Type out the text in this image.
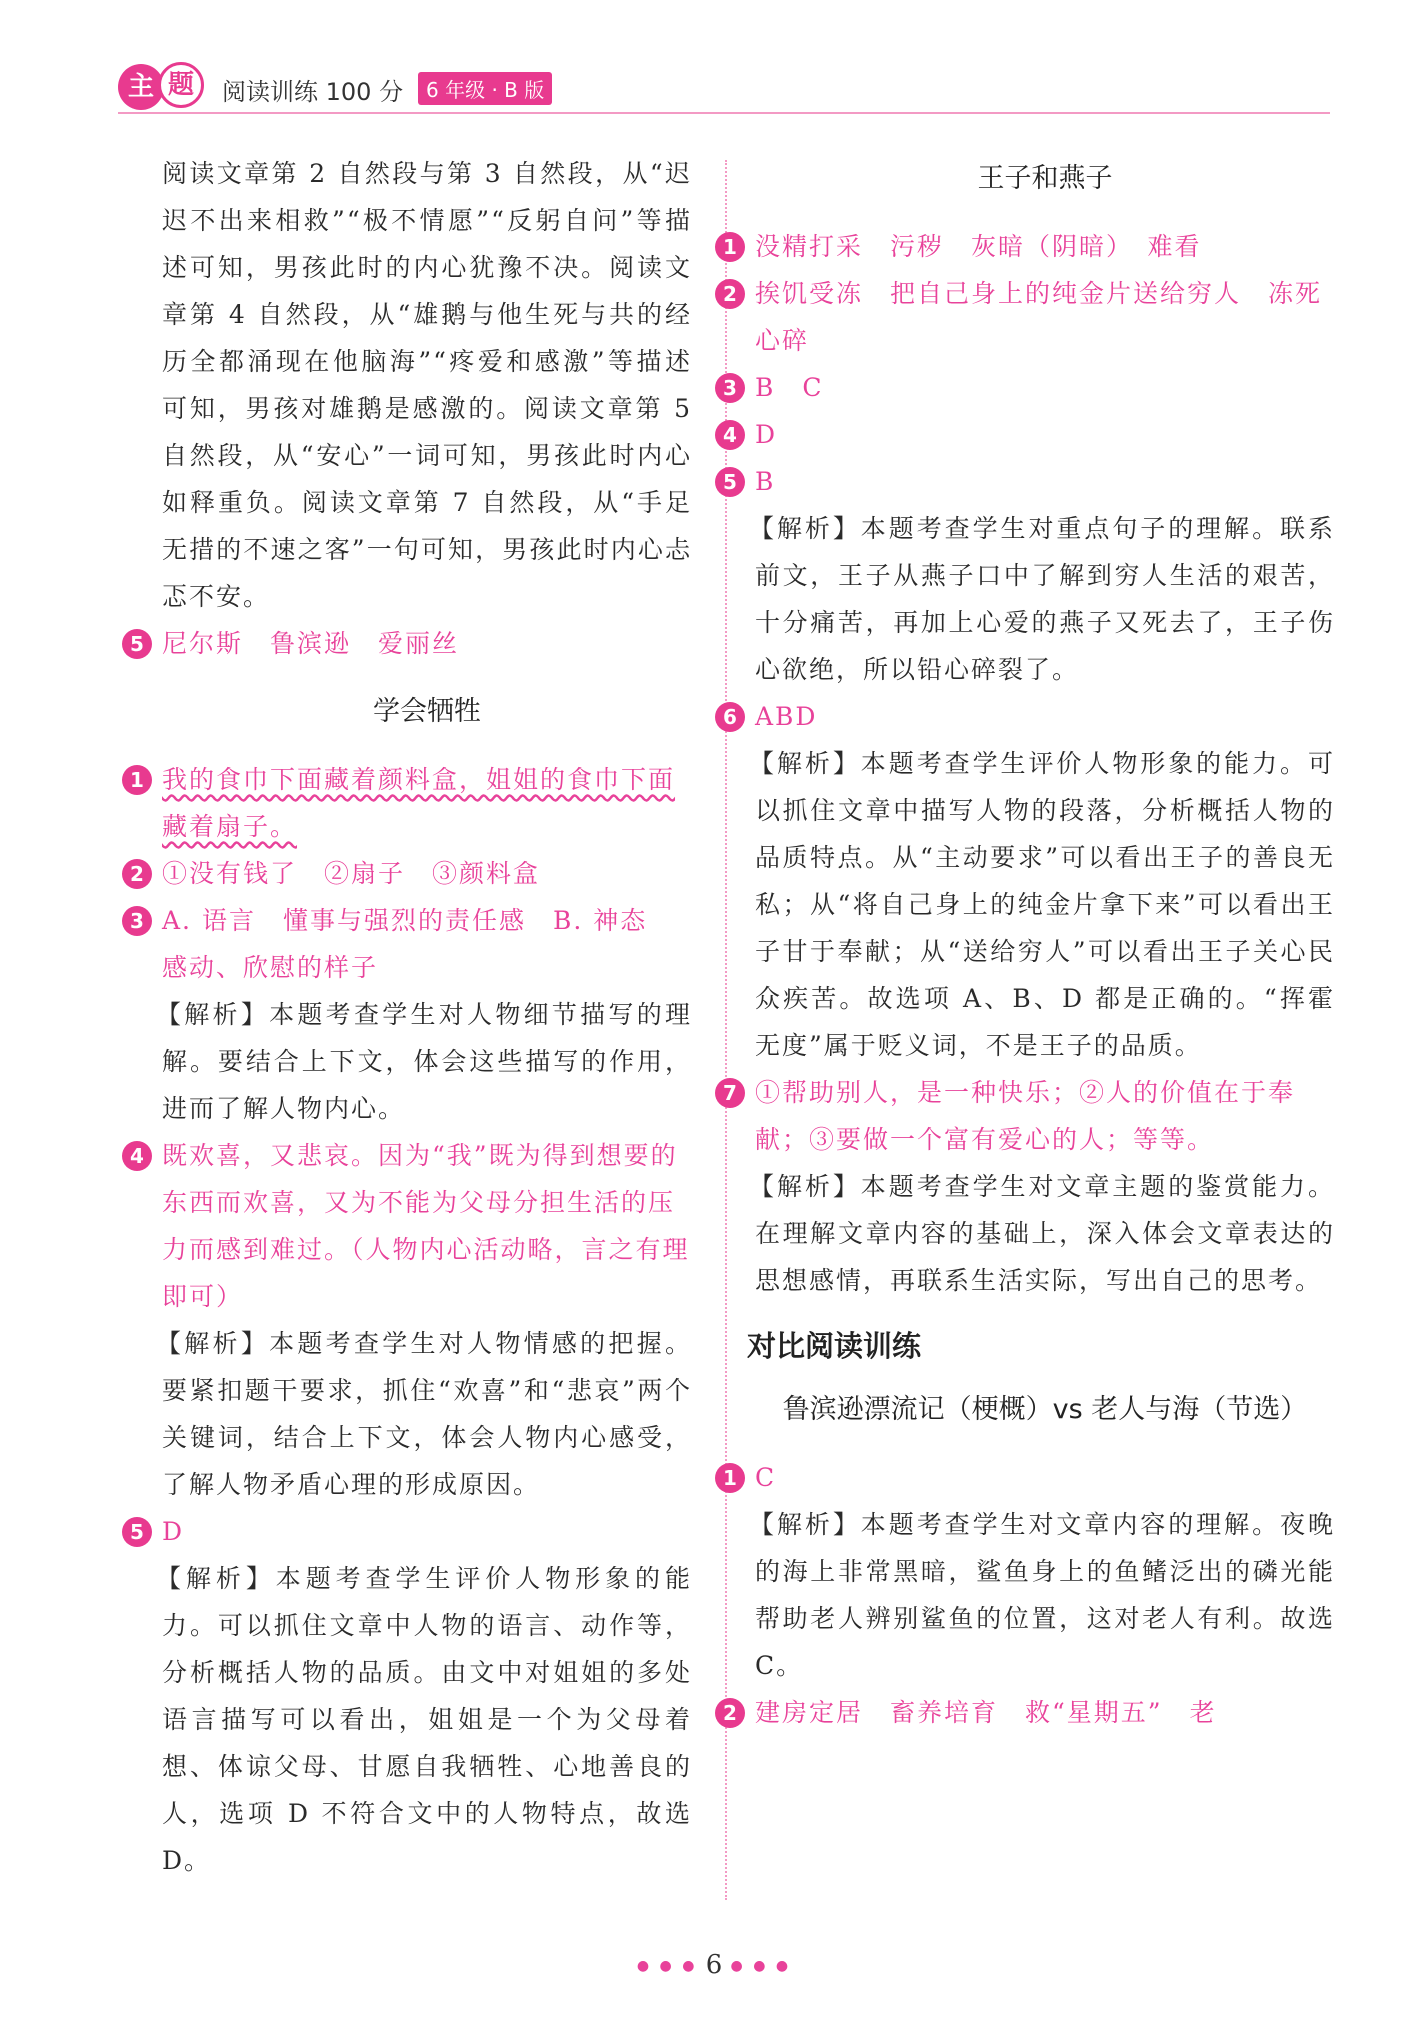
主 题	阅读训练 100 分	6 年级 · B 版

阅读文章第 2 自然段与第 3 自然段，从“迟迟不出来相救”“极不情愿”“反躬自问”等描述可知，男孩此时的内心犹豫不决。阅读文章第 4 自然段，从“雄鹅与他生死与共的经历全都涌现在他脑海”“疼爱和感激”等描述可知，男孩对雄鹅是感激的。阅读文章第 5 自然段，从“安心”一词可知，男孩此时内心如释重负。阅读文章第 7 自然段，从“手足无措的不速之客”一句可知，男孩此时内心忐忑不安。

5 尼尔斯　鲁滨逊　爱丽丝

学会牺牲
1 我的食巾下面藏着颜料盒，姐姐的食巾下面藏着扇子。

2 ①没有钱了　②扇子　③颜料盒

3 A. 语言　懂事与强烈的责任感　B. 神态　感动、欣慰的样子

【解析】本题考查学生对人物细节描写的理解。要结合上下文，体会这些描写的作用，进而了解人物内心。

4 既欢喜，又悲哀。因为“我”既为得到想要的东西而欢喜，又为不能为父母分担生活的压力而感到难过。（人物内心活动略，言之有理即可）

【解析】本题考查学生对人物情感的把握。要紧扣题干要求，抓住“欢喜”和“悲哀”两个关键词，结合上下文，体会人物内心感受，了解人物矛盾心理的形成原因。

5 D

【解析】本题考查学生评价人物形象的能力。可以抓住文章中人物的语言、动作等，分析概括人物的品质。由文中对姐姐的多处语言描写可以看出，姐姐是一个为父母着想、体谅父母、甘愿自我牺牲、心地善良的人，选项 D 不符合文中的人物特点，故选 D。

王子和燕子
1 没精打采　污秽　灰暗（阴暗）　难看

2 挨饥受冻　把自己身上的纯金片送给穷人　冻死　心碎

3 B　C

4 D

5 B

【解析】本题考查学生对重点句子的理解。联系前文，王子从燕子口中了解到穷人生活的艰苦，十分痛苦，再加上心爱的燕子又死去了，王子伤心欲绝，所以铅心碎裂了。

6 ABD

【解析】本题考查学生评价人物形象的能力。可以抓住文章中描写人物的段落，分析概括人物的品质特点。从“主动要求”可以看出王子的善良无私；从“将自己身上的纯金片拿下来”可以看出王子甘于奉献；从“送给穷人”可以看出王子关心民众疾苦。故选项 A、B、D 都是正确的。“挥霍无度”属于贬义词，不是王子的品质。

7 ①帮助别人，是一种快乐；②人的价值在于奉献；③要做一个富有爱心的人；等等。

【解析】本题考查学生对文章主题的鉴赏能力。在理解文章内容的基础上，深入体会文章表达的思想感情，再联系生活实际，写出自己的思考。

对比阅读训练
鲁滨逊漂流记（梗概）vs 老人与海（节选）
1 C

【解析】本题考查学生对文章内容的理解。夜晚的海上非常黑暗，鲨鱼身上的鱼鳍泛出的磷光能帮助老人辨别鲨鱼的位置，这对老人有利。故选 C。

2 建房定居　畜养培育　救“星期五”　老

● ● ● 6 ● ● ●
